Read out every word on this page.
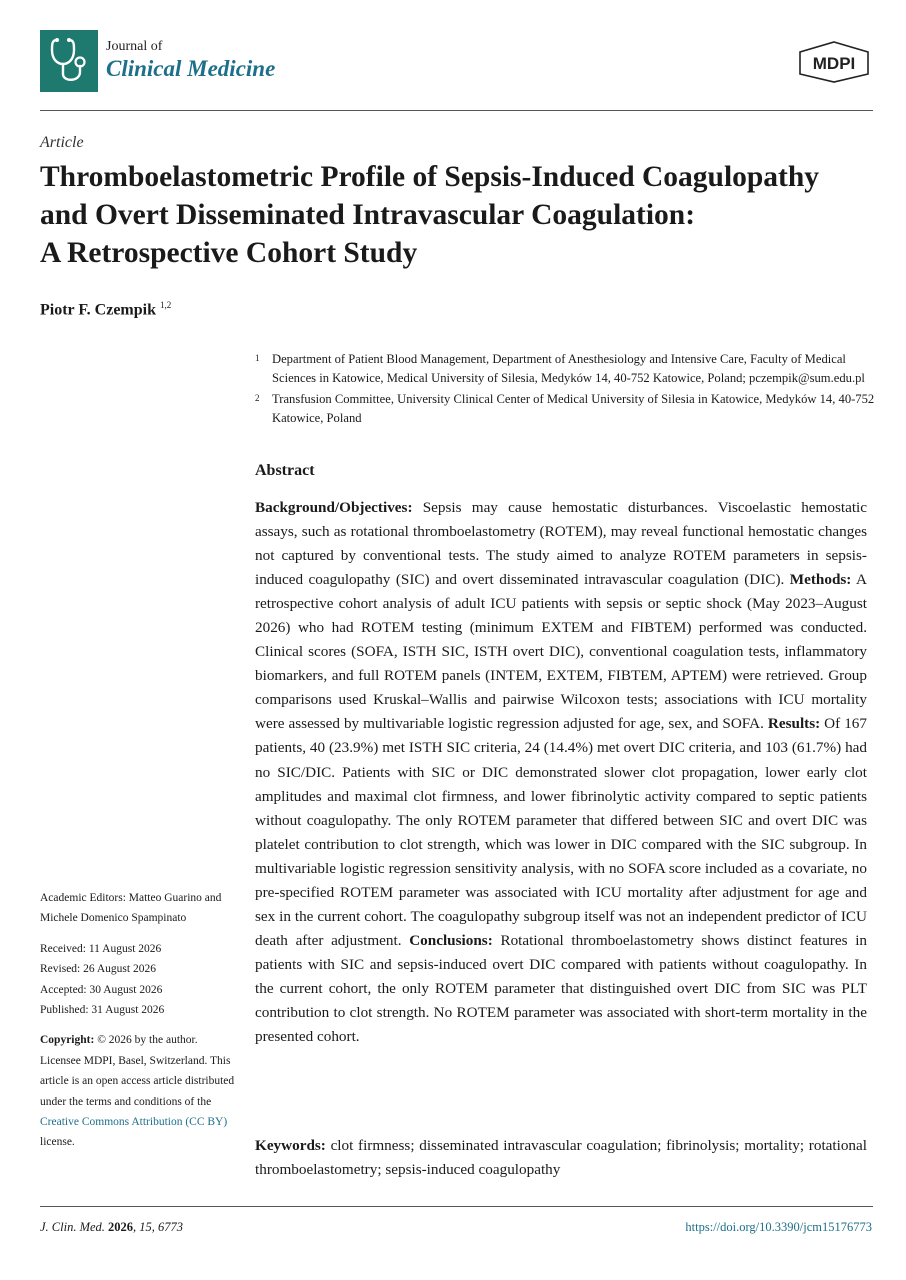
Journal of
Clinical Medicine	MDPI
Article
Thromboelastometric Profile of Sepsis-Induced Coagulopathy
and Overt Disseminated Intravascular Coagulation:
A Retrospective Cohort Study
Piotr F. Czempik $^{1,2}$
1 Department of Patient Blood Management, Department of Anesthesiology and Intensive Care, Faculty of Medical Sciences in Katowice, Medical University of Silesia, Medyków 14, 40-752 Katowice, Poland; pczempik@sum.edu.pl
2 Transfusion Committee, University Clinical Center of Medical University of Silesia in Katowice, Medyków 14, 40-752 Katowice, Poland
Abstract
Background/Objectives: Sepsis may cause hemostatic disturbances. Viscoelastic hemostatic assays, such as rotational thromboelastometry (ROTEM), may reveal functional hemostatic changes not captured by conventional tests. The study aimed to analyze ROTEM parameters in sepsis-induced coagulopathy (SIC) and overt disseminated intravascular coagulation (DIC). Methods: A retrospective cohort analysis of adult ICU patients with sepsis or septic shock (May 2023–August 2026) who had ROTEM testing (minimum EXTEM and FIBTEM) performed was conducted. Clinical scores (SOFA, ISTH SIC, ISTH overt DIC), conventional coagulation tests, inflammatory biomarkers, and full ROTEM panels (INTEM, EXTEM, FIBTEM, APTEM) were retrieved. Group comparisons used Kruskal–Wallis and pairwise Wilcoxon tests; associations with ICU mortality were assessed by multivariable logistic regression adjusted for age, sex, and SOFA. Results: Of 167 patients, 40 (23.9%) met ISTH SIC criteria, 24 (14.4%) met overt DIC criteria, and 103 (61.7%) had no SIC/DIC. Patients with SIC or DIC demonstrated slower clot propagation, lower early clot amplitudes and maximal clot firmness, and lower fibrinolytic activity compared to septic patients without coagulopathy. The only ROTEM parameter that differed between SIC and overt DIC was platelet contribution to clot strength, which was lower in DIC compared with the SIC subgroup. In multivariable logistic regression sensitivity analysis, with no SOFA score included as a covariate, no pre-specified ROTEM parameter was associated with ICU mortality after adjustment for age and sex in the current cohort. The coagulopathy subgroup itself was not an independent predictor of ICU death after adjustment. Conclusions: Rotational thromboelastometry shows distinct features in patients with SIC and sepsis-induced overt DIC compared with patients without coagulopathy. In the current cohort, the only ROTEM parameter that distinguished overt DIC from SIC was PLT contribution to clot strength. No ROTEM parameter was associated with short-term mortality in the presented cohort.
Keywords: clot firmness; disseminated intravascular coagulation; fibrinolysis; mortality; rotational thromboelastometry; sepsis-induced coagulopathy

Academic Editors: Matteo Guarino and Michele Domenico Spampinato

Received: 11 August 2026
Revised: 26 August 2026
Accepted: 30 August 2026
Published: 31 August 2026

Copyright: © 2026 by the author. Licensee MDPI, Basel, Switzerland. This article is an open access article distributed under the terms and conditions of the Creative Commons Attribution (CC BY) license.

J. Clin. Med. 2026, 15, 6773	https://doi.org/10.3390/jcm15176773
